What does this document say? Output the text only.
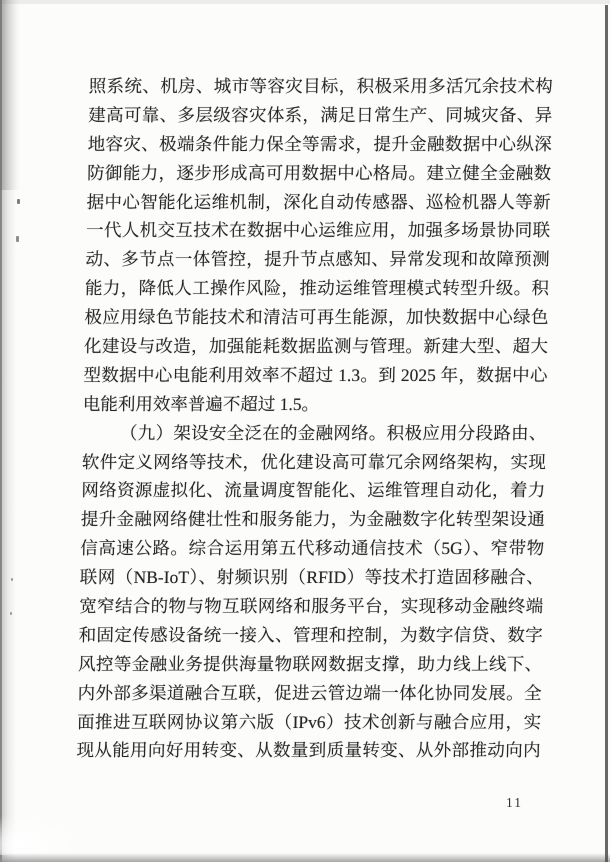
照系统、机房、城市等容灾目标，积极采用多活冗余技术构
建高可靠、多层级容灾体系，满足日常生产、同城灾备、异
地容灾、极端条件能力保全等需求，提升金融数据中心纵深
防御能力，逐步形成高可用数据中心格局。建立健全金融数
据中心智能化运维机制，深化自动传感器、巡检机器人等新
一代人机交互技术在数据中心运维应用，加强多场景协同联
动、多节点一体管控，提升节点感知、异常发现和故障预测
能力，降低人工操作风险，推动运维管理模式转型升级。积
极应用绿色节能技术和清洁可再生能源，加快数据中心绿色
化建设与改造，加强能耗数据监测与管理。新建大型、超大
型数据中心电能利用效率不超过 1.3。到 2025 年，数据中心
电能利用效率普遍不超过 1.5。
（九）架设安全泛在的金融网络。积极应用分段路由、
软件定义网络等技术，优化建设高可靠冗余网络架构，实现
网络资源虚拟化、流量调度智能化、运维管理自动化，着力
提升金融网络健壮性和服务能力，为金融数字化转型架设通
信高速公路。综合运用第五代移动通信技术（5G）、窄带物
联网（NB-IoT）、射频识别（RFID）等技术打造固移融合、
宽窄结合的物与物互联网络和服务平台，实现移动金融终端
和固定传感设备统一接入、管理和控制，为数字信贷、数字
风控等金融业务提供海量物联网数据支撑，助力线上线下、
内外部多渠道融合互联，促进云管边端一体化协同发展。全
面推进互联网协议第六版（IPv6）技术创新与融合应用，实
现从能用向好用转变、从数量到质量转变、从外部推动向内
11
